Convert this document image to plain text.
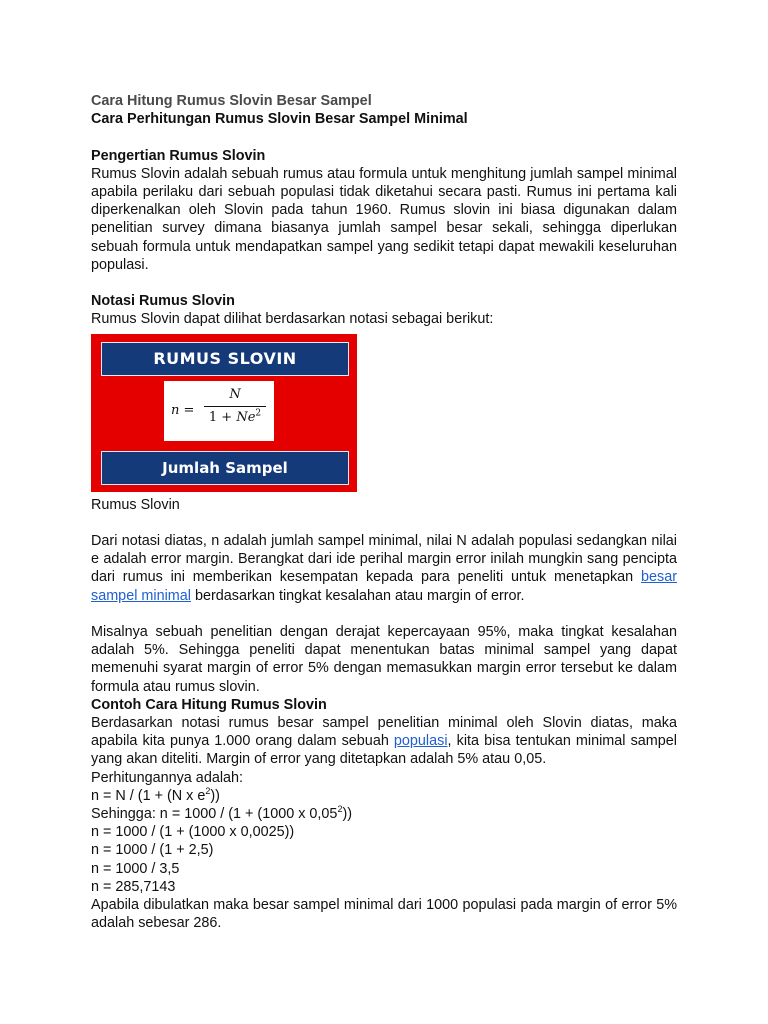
Cara Hitung Rumus Slovin Besar Sampel
Cara Perhitungan Rumus Slovin Besar Sampel Minimal
Pengertian Rumus Slovin
Rumus Slovin adalah sebuah rumus atau formula untuk menghitung jumlah sampel minimal apabila perilaku dari sebuah populasi tidak diketahui secara pasti. Rumus ini pertama kali diperkenalkan oleh Slovin pada tahun 1960. Rumus slovin ini biasa digunakan dalam penelitian survey dimana biasanya jumlah sampel besar sekali, sehingga diperlukan sebuah formula untuk mendapatkan sampel yang sedikit tetapi dapat mewakili keseluruhan populasi.
Notasi Rumus Slovin
Rumus Slovin dapat dilihat berdasarkan notasi sebagai berikut:
RUMUS SLOVIN
n =
N
$1 + Ne^2$
Jumlah Sampel
Rumus Slovin
Dari notasi diatas, n adalah jumlah sampel minimal, nilai N adalah populasi sedangkan nilai e adalah error margin. Berangkat dari ide perihal margin error inilah mungkin sang pencipta dari rumus ini memberikan kesempatan kepada para peneliti untuk menetapkan besar sampel minimal berdasarkan tingkat kesalahan atau margin of error.
Misalnya sebuah penelitian dengan derajat kepercayaan 95%, maka tingkat kesalahan adalah 5%. Sehingga peneliti dapat menentukan batas minimal sampel yang dapat memenuhi syarat margin of error 5% dengan memasukkan margin error tersebut ke dalam formula atau rumus slovin.
Contoh Cara Hitung Rumus Slovin
Berdasarkan notasi rumus besar sampel penelitian minimal oleh Slovin diatas, maka apabila kita punya 1.000 orang dalam sebuah populasi, kita bisa tentukan minimal sampel yang akan diteliti. Margin of error yang ditetapkan adalah 5% atau 0,05.
Perhitungannya adalah:
n = N / (1 + (N x $e^2$))
Sehingga: n = 1000 / (1 + (1000 x 0,05$^2$))
n = 1000 / (1 + (1000 x 0,0025))
n = 1000 / (1 + 2,5)
n = 1000 / 3,5
n = 285,7143
Apabila dibulatkan maka besar sampel minimal dari 1000 populasi pada margin of error 5% adalah sebesar 286.
